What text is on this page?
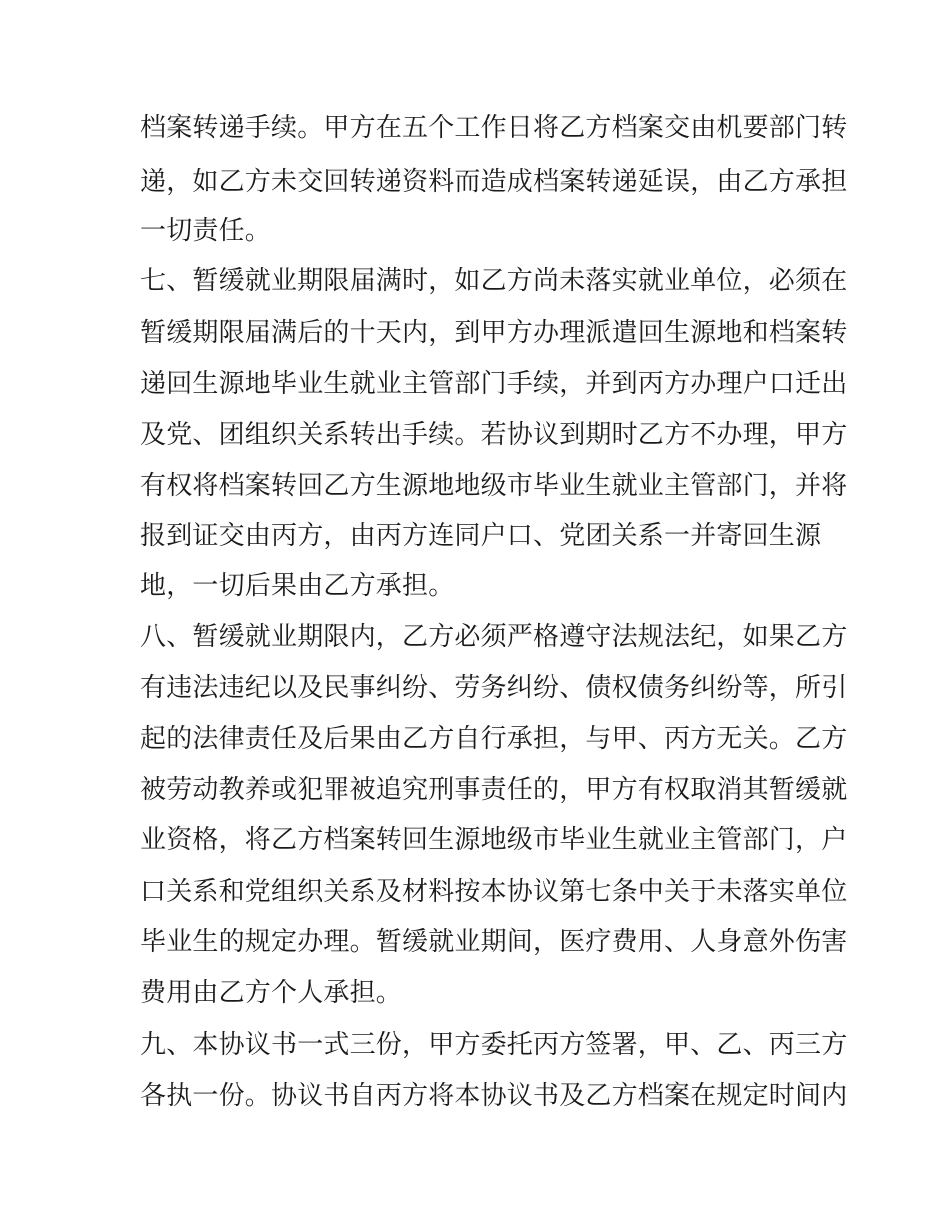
档案转递手续。甲方在五个工作日将乙方档案交由机要部门转
递，如乙方未交回转递资料而造成档案转递延误，由乙方承担
一切责任。
七、暂缓就业期限届满时，如乙方尚未落实就业单位，必须在
暂缓期限届满后的十天内，到甲方办理派遣回生源地和档案转
递回生源地毕业生就业主管部门手续，并到丙方办理户口迁出
及党、团组织关系转出手续。若协议到期时乙方不办理，甲方
有权将档案转回乙方生源地地级市毕业生就业主管部门，并将
报到证交由丙方，由丙方连同户口、党团关系一并寄回生源
地，一切后果由乙方承担。
八、暂缓就业期限内，乙方必须严格遵守法规法纪，如果乙方
有违法违纪以及民事纠纷、劳务纠纷、债权债务纠纷等，所引
起的法律责任及后果由乙方自行承担，与甲、丙方无关。乙方
被劳动教养或犯罪被追究刑事责任的，甲方有权取消其暂缓就
业资格，将乙方档案转回生源地级市毕业生就业主管部门，户
口关系和党组织关系及材料按本协议第七条中关于未落实单位
毕业生的规定办理。暂缓就业期间，医疗费用、人身意外伤害
费用由乙方个人承担。
九、本协议书一式三份，甲方委托丙方签署，甲、乙、丙三方
各执一份。协议书自丙方将本协议书及乙方档案在规定时间内
